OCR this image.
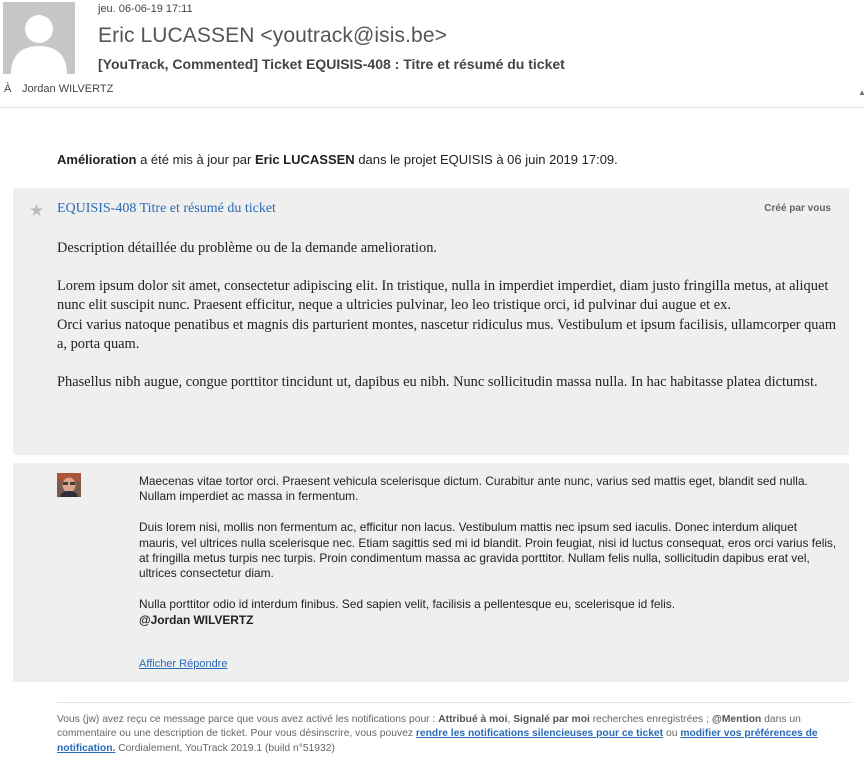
jeu. 06-06-19 17:11
Eric LUCASSEN <youtrack@isis.be>
[YouTrack, Commented] Ticket EQUISIS-408 : Titre et résumé du ticket
À Jordan WILVERTZ	▲
Amélioration a été mis à jour par Eric LUCASSEN dans le projet EQUISIS à 06 juin 2019 17:09.
★ EQUISIS-408 Titre et résumé du ticket	Créé par vous

Description détaillée du problème ou de la demande amelioration.

Lorem ipsum dolor sit amet, consectetur adipiscing elit. In tristique, nulla in imperdiet imperdiet, diam justo fringilla metus, at aliquet nunc elit suscipit nunc. Praesent efficitur, neque a ultricies pulvinar, leo leo tristique orci, id pulvinar dui augue et ex.

Orci varius natoque penatibus et magnis dis parturient montes, nascetur ridiculus mus. Vestibulum et ipsum facilisis, ullamcorper quam a, porta quam.

Phasellus nibh augue, congue porttitor tincidunt ut, dapibus eu nibh. Nunc sollicitudin massa nulla. In hac habitasse platea dictumst.

Maecenas vitae tortor orci. Praesent vehicula scelerisque dictum. Curabitur ante nunc, varius sed mattis eget, blandit sed nulla. Nullam imperdiet ac massa in fermentum.

Duis lorem nisi, mollis non fermentum ac, efficitur non lacus. Vestibulum mattis nec ipsum sed iaculis. Donec interdum aliquet mauris, vel ultrices nulla scelerisque nec. Etiam sagittis sed mi id blandit. Proin feugiat, nisi id luctus consequat, eros orci varius felis, at fringilla metus turpis nec turpis. Proin condimentum massa ac gravida porttitor. Nullam felis nulla, sollicitudin dapibus erat vel, ultrices consectetur diam.

Nulla porttitor odio id interdum finibus. Sed sapien velit, facilisis a pellentesque eu, scelerisque id felis.
@Jordan WILVERTZ
Afficher Répondre
Vous (jw) avez reçu ce message parce que vous avez activé les notifications pour : Attribué à moi, Signalé par moi recherches enregistrées ; @Mention dans un commentaire ou une description de ticket. Pour vous désinscrire, vous pouvez rendre les notifications silencieuses pour ce ticket ou modifier vos préférences de notification. Cordialement, YouTrack 2019.1 (build n°51932)
